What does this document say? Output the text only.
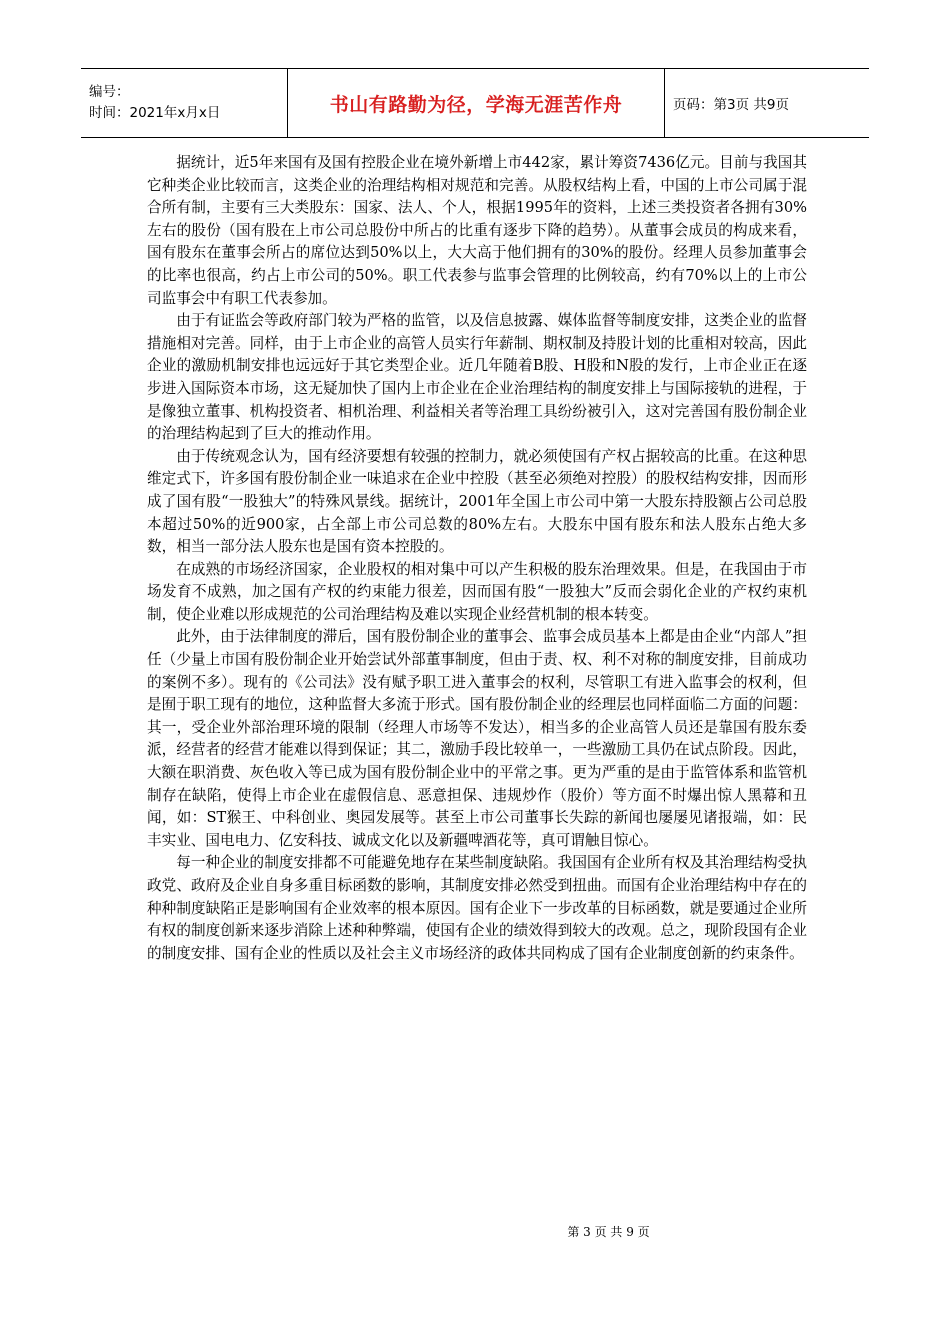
编号：
时间：2021年x月x日	书山有路勤为径，学海无涯苦作舟	页码：第3页 共9页

据统计，近5年来国有及国有控股企业在境外新增上市442家，累计筹资7436亿元。目前与我国其它种类企业比较而言，这类企业的治理结构相对规范和完善。从股权结构上看，中国的上市公司属于混合所有制，主要有三大类股东：国家、法人、个人，根据1995年的资料，上述三类投资者各拥有30%左右的股份（国有股在上市公司总股份中所占的比重有逐步下降的趋势）。从董事会成员的构成来看，国有股东在董事会所占的席位达到50%以上，大大高于他们拥有的30%的股份。经理人员参加董事会的比率也很高，约占上市公司的50%。职工代表参与监事会管理的比例较高，约有70%以上的上市公司监事会中有职工代表参加。

由于有证监会等政府部门较为严格的监管，以及信息披露、媒体监督等制度安排，这类企业的监督措施相对完善。同样，由于上市企业的高管人员实行年薪制、期权制及持股计划的比重相对较高，因此企业的激励机制安排也远远好于其它类型企业。近几年随着B股、H股和N股的发行，上市企业正在逐步进入国际资本市场，这无疑加快了国内上市企业在企业治理结构的制度安排上与国际接轨的进程，于是像独立董事、机构投资者、相机治理、利益相关者等治理工具纷纷被引入，这对完善国有股份制企业的治理结构起到了巨大的推动作用。

由于传统观念认为，国有经济要想有较强的控制力，就必须使国有产权占据较高的比重。在这种思维定式下，许多国有股份制企业一味追求在企业中控股（甚至必须绝对控股）的股权结构安排，因而形成了国有股“一股独大”的特殊风景线。据统计，2001年全国上市公司中第一大股东持股额占公司总股本超过50%的近900家，占全部上市公司总数的80%左右。大股东中国有股东和法人股东占绝大多数，相当一部分法人股东也是国有资本控股的。

在成熟的市场经济国家，企业股权的相对集中可以产生积极的股东治理效果。但是，在我国由于市场发育不成熟，加之国有产权的约束能力很差，因而国有股“一股独大”反而会弱化企业的产权约束机制，使企业难以形成规范的公司治理结构及难以实现企业经营机制的根本转变。

此外，由于法律制度的滞后，国有股份制企业的董事会、监事会成员基本上都是由企业“内部人”担任（少量上市国有股份制企业开始尝试外部董事制度，但由于责、权、利不对称的制度安排，目前成功的案例不多）。现有的《公司法》没有赋予职工进入董事会的权利，尽管职工有进入监事会的权利，但是囿于职工现有的地位，这种监督大多流于形式。国有股份制企业的经理层也同样面临二方面的问题：其一，受企业外部治理环境的限制（经理人市场等不发达），相当多的企业高管人员还是靠国有股东委派，经营者的经营才能难以得到保证；其二，激励手段比较单一，一些激励工具仍在试点阶段。因此，大额在职消费、灰色收入等已成为国有股份制企业中的平常之事。更为严重的是由于监管体系和监管机制存在缺陷，使得上市企业在虚假信息、恶意担保、违规炒作（股价）等方面不时爆出惊人黑幕和丑闻，如：ST猴王、中科创业、奥园发展等。甚至上市公司董事长失踪的新闻也屡屡见诸报端，如：民丰实业、国电电力、亿安科技、诚成文化以及新疆啤酒花等，真可谓触目惊心。

每一种企业的制度安排都不可能避免地存在某些制度缺陷。我国国有企业所有权及其治理结构受执政党、政府及企业自身多重目标函数的影响，其制度安排必然受到扭曲。而国有企业治理结构中存在的种种制度缺陷正是影响国有企业效率的根本原因。国有企业下一步改革的目标函数，就是要通过企业所有权的制度创新来逐步消除上述种种弊端，使国有企业的绩效得到较大的改观。总之，现阶段国有企业的制度安排、国有企业的性质以及社会主义市场经济的政体共同构成了国有企业制度创新的约束条件。

第 3 页 共 9 页
